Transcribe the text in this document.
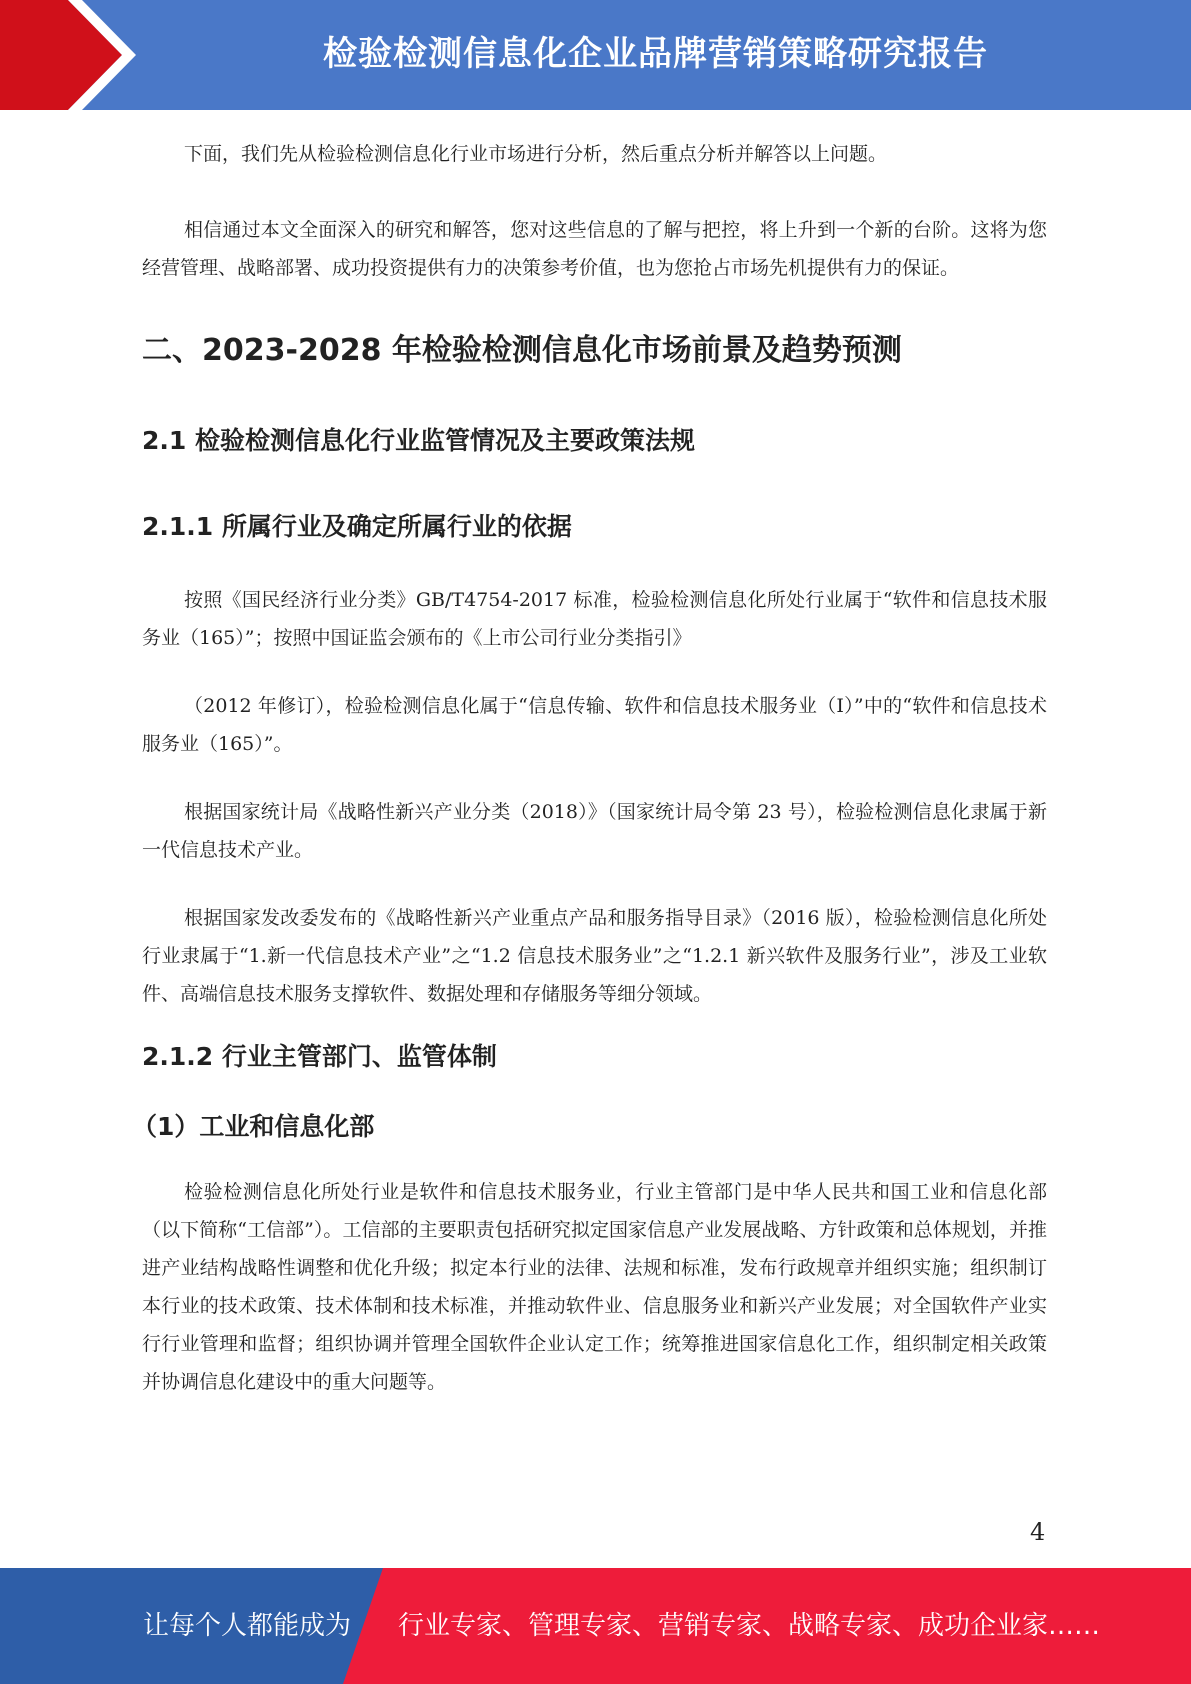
检验检测信息化企业品牌营销策略研究报告

下面，我们先从检验检测信息化行业市场进行分析，然后重点分析并解答以上问题。

相信通过本文全面深入的研究和解答，您对这些信息的了解与把控，将上升到一个新的台阶。这将为您经营管理、战略部署、成功投资提供有力的决策参考价值，也为您抢占市场先机提供有力的保证。

二、2023-2028 年检验检测信息化市场前景及趋势预测
2.1 检验检测信息化行业监管情况及主要政策法规
2.1.1 所属行业及确定所属行业的依据

按照《国民经济行业分类》GB/T4754-2017 标准，检验检测信息化所处行业属于“软件和信息技术服务业（165）”；按照中国证监会颁布的《上市公司行业分类指引》

（2012 年修订），检验检测信息化属于“信息传输、软件和信息技术服务业（I）”中的“软件和信息技术服务业（165）”。

根据国家统计局《战略性新兴产业分类（2018）》（国家统计局令第 23 号），检验检测信息化隶属于新一代信息技术产业。

根据国家发改委发布的《战略性新兴产业重点产品和服务指导目录》（2016 版），检验检测信息化所处行业隶属于“1.新一代信息技术产业”之“1.2 信息技术服务业”之“1.2.1 新兴软件及服务行业”，涉及工业软件、高端信息技术服务支撑软件、数据处理和存储服务等细分领域。

2.1.2 行业主管部门、监管体制
（1）工业和信息化部

检验检测信息化所处行业是软件和信息技术服务业，行业主管部门是中华人民共和国工业和信息化部（以下简称“工信部”）。工信部的主要职责包括研究拟定国家信息产业发展战略、方针政策和总体规划，并推进产业结构战略性调整和优化升级；拟定本行业的法律、法规和标准，发布行政规章并组织实施；组织制订本行业的技术政策、技术体制和技术标准，并推动软件业、信息服务业和新兴产业发展；对全国软件产业实行行业管理和监督；组织协调并管理全国软件企业认定工作；统筹推进国家信息化工作，组织制定相关政策并协调信息化建设中的重大问题等。

4
让每个人都能成为 行业专家、管理专家、营销专家、战略专家、成功企业家……
